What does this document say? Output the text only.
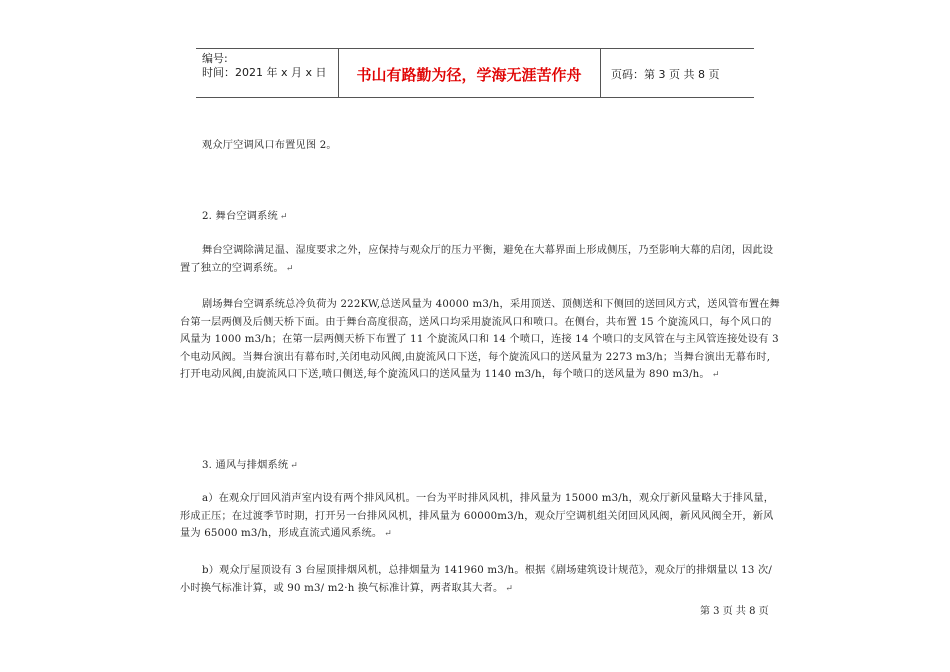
编号:
时间：2021 年 x 月 x 日	书山有路勤为径，学海无涯苦作舟	页码：第 3 页 共 8 页
观众厅空调风口布置见图 2。
2. 舞台空调系统 ↵
舞台空调除满足温、湿度要求之外，应保持与观众厅的压力平衡，避免在大幕界面上形成侧压，乃至影响大幕的启闭，因此设置了独立的空调系统。 ↵
剧场舞台空调系统总冷负荷为 222KW,总送风量为 40000 m3/h，采用顶送、顶侧送和下侧回的送回风方式，送风管布置在舞台第一层两侧及后侧天桥下面。由于舞台高度很高，送风口均采用旋流风口和喷口。在侧台，共布置 15 个旋流风口，每个风口的风量为 1000 m3/h；在第一层两侧天桥下布置了 11 个旋流风口和 14 个喷口，连接 14 个喷口的支风管在与主风管连接处设有 3 个电动风阀。当舞台演出有幕布时,关闭电动风阀,由旋流风口下送，每个旋流风口的送风量为 2273 m3/h；当舞台演出无幕布时,打开电动风阀,由旋流风口下送,喷口侧送,每个旋流风口的送风量为 1140 m3/h，每个喷口的送风量为 890 m3/h。 ↵
3. 通风与排烟系统 ↵
a）在观众厅回风消声室内设有两个排风风机。一台为平时排风风机，排风量为 15000 m3/h，观众厅新风量略大于排风量，形成正压；在过渡季节时期，打开另一台排风风机，排风量为 60000m3/h，观众厅空调机组关闭回风风阀，新风风阀全开，新风量为 65000 m3/h，形成直流式通风系统。 ↵
b）观众厅屋顶设有 3 台屋顶排烟风机，总排烟量为 141960 m3/h。根据《剧场建筑设计规范》，观众厅的排烟量以 13 次/小时换气标准计算，或 90 m3/ m2·h 换气标准计算，两者取其大者。 ↵
第 3 页 共 8 页
